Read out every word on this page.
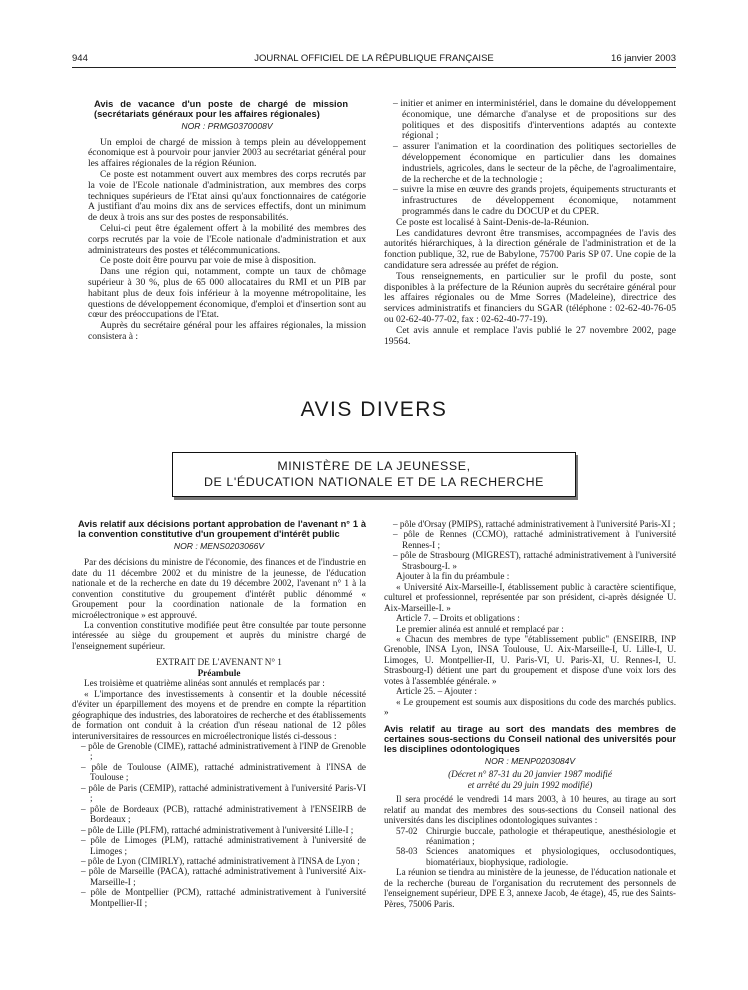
944	JOURNAL OFFICIEL DE LA RÉPUBLIQUE FRANÇAISE	16 janvier 2003

Avis de vacance d'un poste de chargé de mission (secrétariats généraux pour les affaires régionales)

NOR : PRMG0370008V

Un emploi de chargé de mission à temps plein au développement économique est à pourvoir pour janvier 2003 au secrétariat général pour les affaires régionales de la région Réunion.

Ce poste est notamment ouvert aux membres des corps recrutés par la voie de l'Ecole nationale d'administration, aux membres des corps techniques supérieurs de l'Etat ainsi qu'aux fonctionnaires de catégorie A justifiant d'au moins dix ans de services effectifs, dont un minimum de deux à trois ans sur des postes de responsabilités.

Celui-ci peut être également offert à la mobilité des membres des corps recrutés par la voie de l'Ecole nationale d'administration et aux administrateurs des postes et télécommunications.

Ce poste doit être pourvu par voie de mise à disposition.

Dans une région qui, notamment, compte un taux de chômage supérieur à 30 %, plus de 65 000 allocataires du RMI et un PIB par habitant plus de deux fois inférieur à la moyenne métropolitaine, les questions de développement économique, d'emploi et d'insertion sont au cœur des préoccupations de l'Etat.

Auprès du secrétaire général pour les affaires régionales, la mission consistera à :

– initier et animer en interministériel, dans le domaine du développement économique, une démarche d'analyse et de propositions sur des politiques et des dispositifs d'interventions adaptés au contexte régional ;

– assurer l'animation et la coordination des politiques sectorielles de développement économique en particulier dans les domaines industriels, agricoles, dans le secteur de la pêche, de l'agroalimentaire, de la recherche et de la technologie ;

– suivre la mise en œuvre des grands projets, équipements structurants et infrastructures de développement économique, notamment programmés dans le cadre du DOCUP et du CPER.

Ce poste est localisé à Saint-Denis-de-la-Réunion.

Les candidatures devront être transmises, accompagnées de l'avis des autorités hiérarchiques, à la direction générale de l'administration et de la fonction publique, 32, rue de Babylone, 75700 Paris SP 07. Une copie de la candidature sera adressée au préfet de région.

Tous renseignements, en particulier sur le profil du poste, sont disponibles à la préfecture de la Réunion auprès du secrétaire général pour les affaires régionales ou de Mme Sorres (Madeleine), directrice des services administratifs et financiers du SGAR (téléphone : 02-62-40-76-05 ou 02-62-40-77-02, fax : 02-62-40-77-19).

Cet avis annule et remplace l'avis publié le 27 novembre 2002, page 19564.

AVIS DIVERS
MINISTÈRE DE LA JEUNESSE,
DE L'ÉDUCATION NATIONALE ET DE LA RECHERCHE

Avis relatif aux décisions portant approbation de l'avenant n° 1 à la convention constitutive d'un groupement d'intérêt public

NOR : MENS0203066V

Par des décisions du ministre de l'économie, des finances et de l'industrie en date du 11 décembre 2002 et du ministre de la jeunesse, de l'éducation nationale et de la recherche en date du 19 décembre 2002, l'avenant n° 1 à la convention constitutive du groupement d'intérêt public dénommé « Groupement pour la coordination nationale de la formation en microélectronique » est approuvé.

La convention constitutive modifiée peut être consultée par toute personne intéressée au siège du groupement et auprès du ministre chargé de l'enseignement supérieur.

EXTRAIT DE L'AVENANT N° 1

Préambule

Les troisième et quatrième alinéas sont annulés et remplacés par :

« L'importance des investissements à consentir et la double nécessité d'éviter un éparpillement des moyens et de prendre en compte la répartition géographique des industries, des laboratoires de recherche et des établissements de formation ont conduit à la création d'un réseau national de 12 pôles interuniversitaires de ressources en microélectronique listés ci-dessous :

– pôle de Grenoble (CIME), rattaché administrativement à l'INP de Grenoble ;

– pôle de Toulouse (AIME), rattaché administrativement à l'INSA de Toulouse ;

– pôle de Paris (CEMIP), rattaché administrativement à l'université Paris-VI ;

– pôle de Bordeaux (PCB), rattaché administrativement à l'ENSEIRB de Bordeaux ;

– pôle de Lille (PLFM), rattaché administrativement à l'université Lille-I ;

– pôle de Limoges (PLM), rattaché administrativement à l'université de Limoges ;

– pôle de Lyon (CIMIRLY), rattaché administrativement à l'INSA de Lyon ;

– pôle de Marseille (PACA), rattaché administrativement à l'université Aix-Marseille-I ;

– pôle de Montpellier (PCM), rattaché administrativement à l'université Montpellier-II ;

– pôle d'Orsay (PMIPS), rattaché administrativement à l'université Paris-XI ;

– pôle de Rennes (CCMO), rattaché administrativement à l'université Rennes-I ;

– pôle de Strasbourg (MIGREST), rattaché administrativement à l'université Strasbourg-I. »

Ajouter à la fin du préambule :

« Université Aix-Marseille-I, établissement public à caractère scientifique, culturel et professionnel, représentée par son président, ci-après désignée U. Aix-Marseille-I. »

Article 7. – Droits et obligations :

Le premier alinéa est annulé et remplacé par :

« Chacun des membres de type "établissement public" (ENSEIRB, INP Grenoble, INSA Lyon, INSA Toulouse, U. Aix-Marseille-I, U. Lille-I, U. Limoges, U. Montpellier-II, U. Paris-VI, U. Paris-XI, U. Rennes-I, U. Strasbourg-I) détient une part du groupement et dispose d'une voix lors des votes à l'assemblée générale. »

Article 25. – Ajouter :

« Le groupement est soumis aux dispositions du code des marchés publics. »

Avis relatif au tirage au sort des mandats des membres de certaines sous-sections du Conseil national des universités pour les disciplines odontologiques

NOR : MENP0203084V

(Décret n° 87-31 du 20 janvier 1987 modifié

et arrêté du 29 juin 1992 modifié)

Il sera procédé le vendredi 14 mars 2003, à 10 heures, au tirage au sort relatif au mandat des membres des sous-sections du Conseil national des universités dans les disciplines odontologiques suivantes :

57-02 Chirurgie buccale, pathologie et thérapeutique, anesthésiologie et réanimation ;
58-03 Sciences anatomiques et physiologiques, occlusodontiques, biomatériaux, biophysique, radiologie.

La réunion se tiendra au ministère de la jeunesse, de l'éducation nationale et de la recherche (bureau de l'organisation du recrutement des personnels de l'enseignement supérieur, DPE E 3, annexe Jacob, 4e étage), 45, rue des Saints-Pères, 75006 Paris.
